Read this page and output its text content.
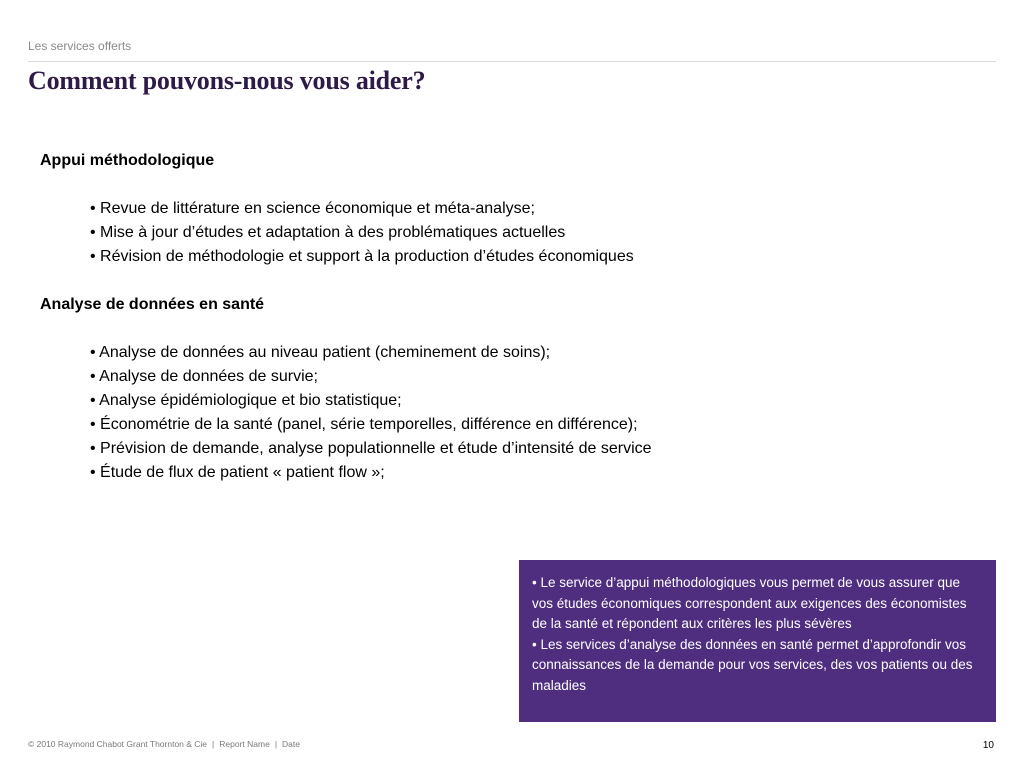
Les services offerts
Comment pouvons-nous vous aider?
Appui méthodologique
• Revue de littérature en science économique et méta-analyse;
• Mise à jour d’études et adaptation à des problématiques actuelles
• Révision de méthodologie et support à la production d’études économiques
Analyse de données en santé
• Analyse de données au niveau patient (cheminement de soins);
• Analyse de données de survie;
• Analyse épidémiologique et bio statistique;
• Économétrie de la santé (panel, série temporelles, différence en différence);
• Prévision de demande, analyse populationnelle et étude d’intensité de service
• Étude de flux de patient « patient flow »;

• Le service d’appui méthodologiques vous permet de vous assurer que vos études économiques correspondent aux exigences des économistes de la santé et répondent aux critères les plus sévères

• Les services d’analyse des données en santé permet d’approfondir vos connaissances de la demande pour vos services, des vos patients ou des maladies

© 2010 Raymond Chabot Grant Thornton & Cie | Report Name | Date	10
